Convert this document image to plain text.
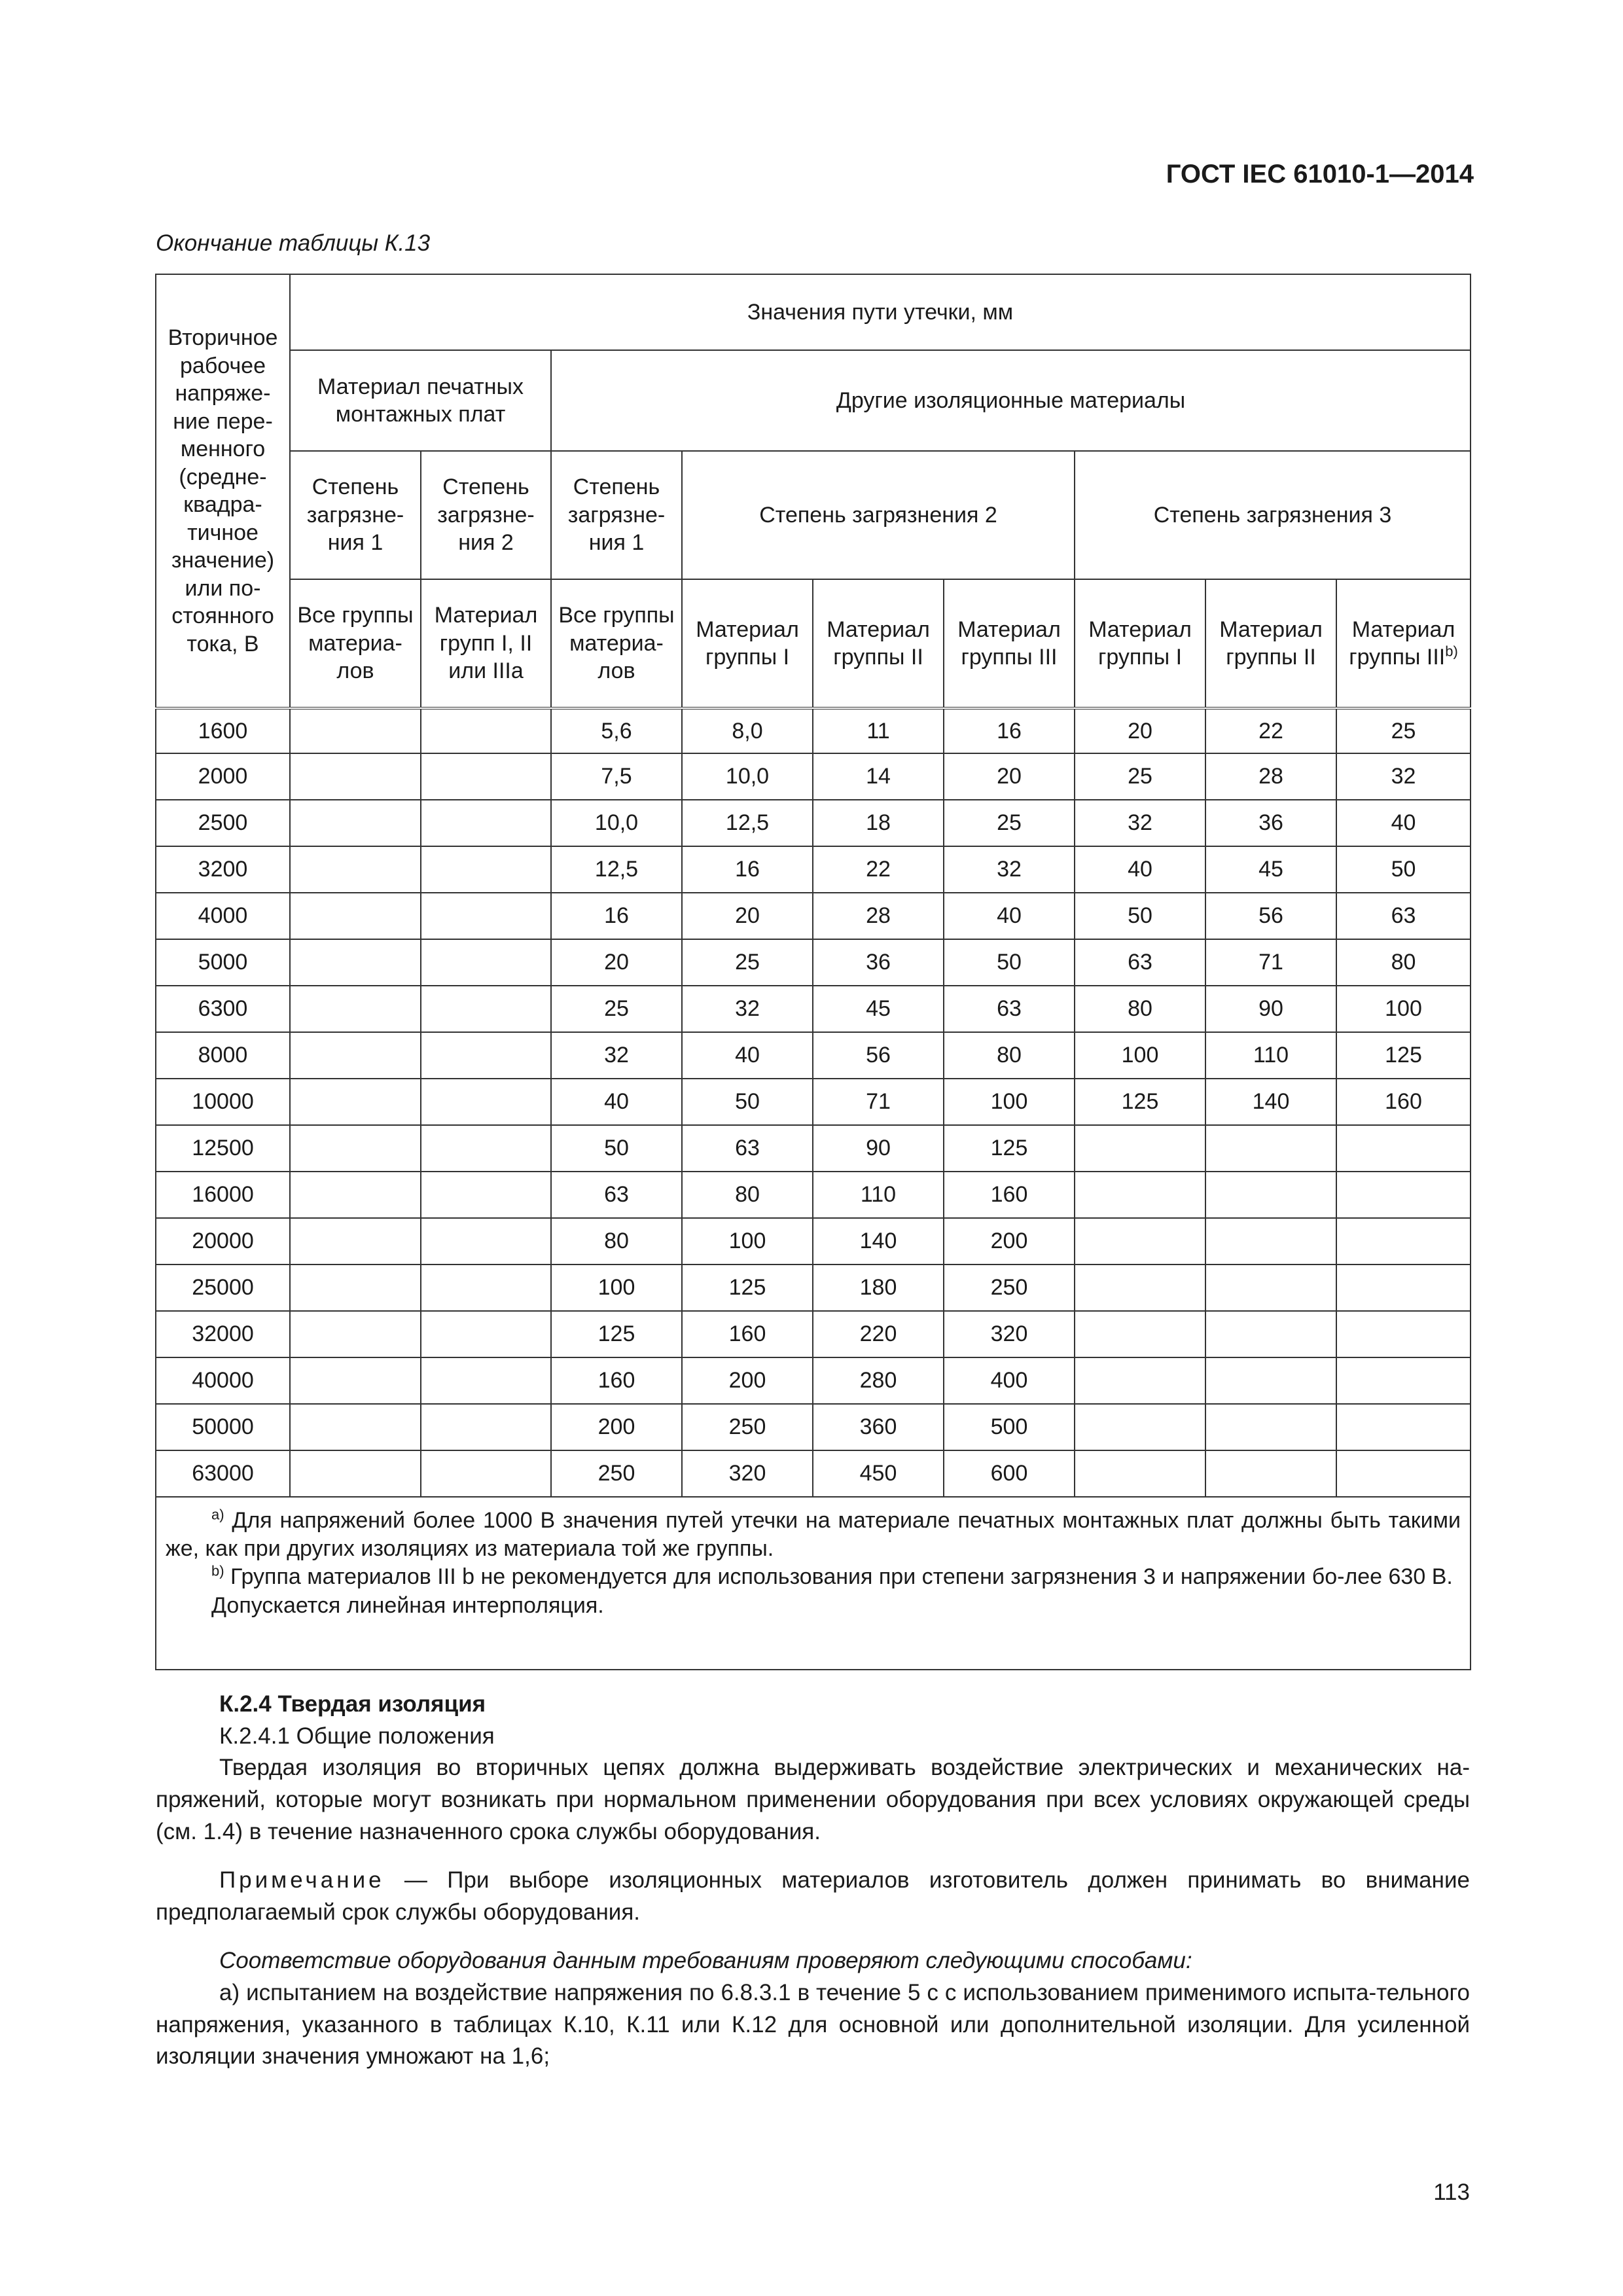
ГОСТ IEC 61010-1—2014

Окончание таблицы К.13

Вторичное рабочее напряже-ние пере-менного (средне-квадра-тичное значение) или по-стоянного тока, В	Значения пути утечки, мм								
	Материал печатных монтажных плат		Другие изоляционные материалы						
	Степень загрязне-ния 1	Степень загрязне-ния 2	Степень загрязне-ния 1	Степень загрязнения 2			Степень загрязнения 3		
	Все группы материа-лов	Материал групп I, II или IIIa	Все группы материа-лов	Материал группы I	Материал группы II	Материал группы III	Материал группы I	Материал группы II	Материал группы III$^{b)}$
1600			5,6	8,0	11	16	20	22	25
2000			7,5	10,0	14	20	25	28	32
2500			10,0	12,5	18	25	32	36	40
3200			12,5	16	22	32	40	45	50
4000			16	20	28	40	50	56	63
5000			20	25	36	50	63	71	80
6300			25	32	45	63	80	90	100
8000			32	40	56	80	100	110	125
10000			40	50	71	100	125	140	160
12500			50	63	90	125			
16000			63	80	110	160			
20000			80	100	140	200			
25000			100	125	180	250			
32000			125	160	220	320			
40000			160	200	280	400			
50000			200	250	360	500			
63000			250	320	450	600			

$^{a)}$ Для напряжений более 1000 В значения путей утечки на материале печатных монтажных плат должны быть такими же, как при других изоляциях из материала той же группы.

$^{b)}$ Группа материалов III b не рекомендуется для использования при степени загрязнения 3 и напряжении бо-лее 630 В.

Допускается линейная интерполяция.									

К.2.4 Твердая изоляция

К.2.4.1 Общие положения

Твердая изоляция во вторичных цепях должна выдерживать воздействие электрических и механических на-пряжений, которые могут возникать при нормальном применении оборудования при всех условиях окружающей среды (см. 1.4) в течение назначенного срока службы оборудования.

Примечание — При выборе изоляционных материалов изготовитель должен принимать во внимание предполагаемый срок службы оборудования.

Соответствие оборудования данным требованиям проверяют следующими способами:

а) испытанием на воздействие напряжения по 6.8.3.1 в течение 5 с с использованием применимого испыта-тельного напряжения, указанного в таблицах К.10, К.11 или К.12 для основной или дополнительной изоляции. Для усиленной изоляции значения умножают на 1,6;

113
